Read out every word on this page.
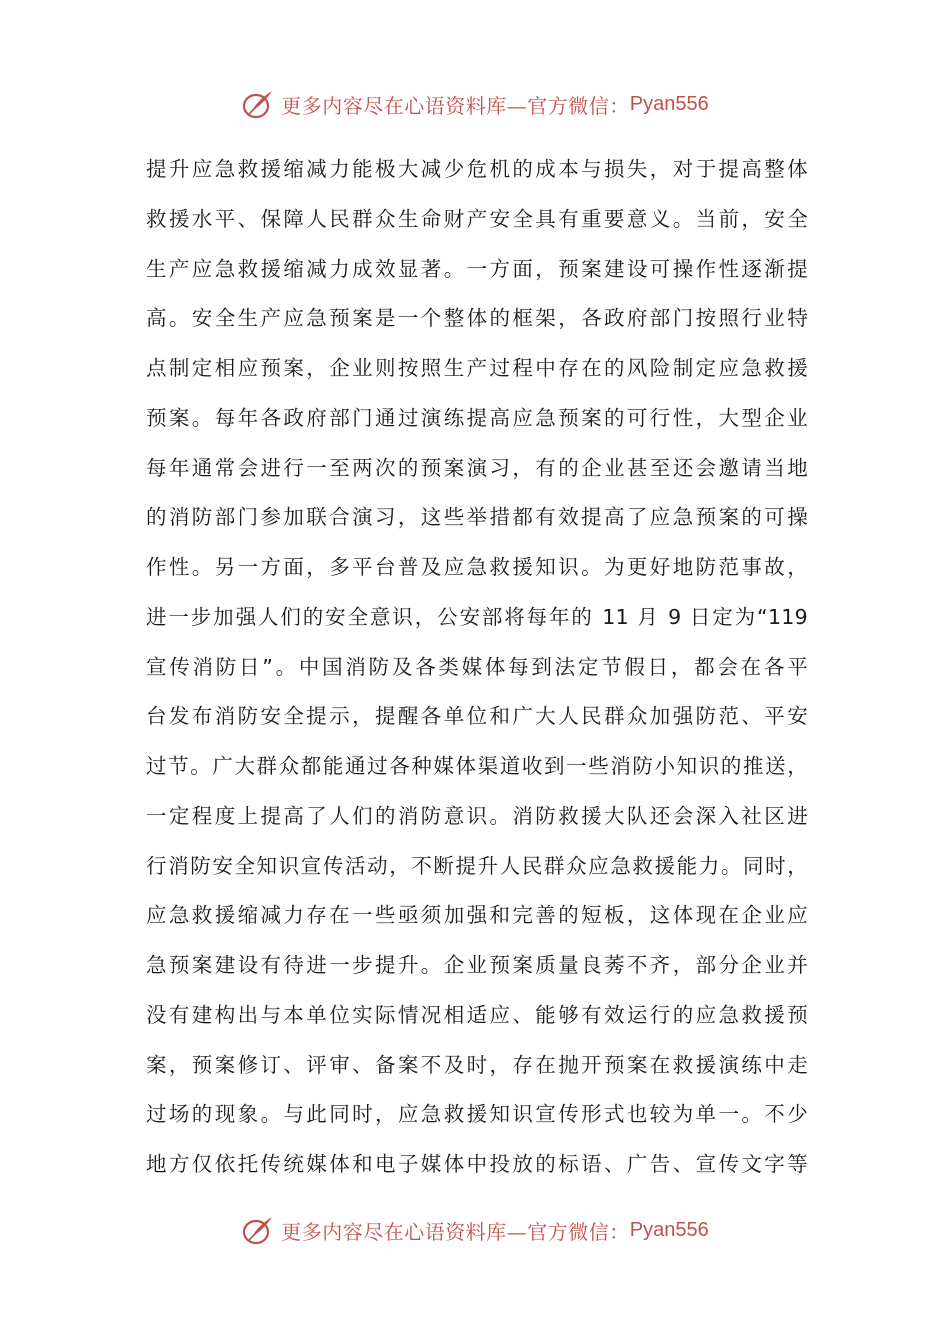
更多内容尽在心语资料库—官方微信： Pyan556
提升应急救援缩减力能极大减少危机的成本与损失，对于提高整体
救援水平、保障人民群众生命财产安全具有重要意义。当前，安全
生产应急救援缩减力成效显著。一方面，预案建设可操作性逐渐提
高。安全生产应急预案是一个整体的框架，各政府部门按照行业特
点制定相应预案，企业则按照生产过程中存在的风险制定应急救援
预案。每年各政府部门通过演练提高应急预案的可行性，大型企业
每年通常会进行一至两次的预案演习，有的企业甚至还会邀请当地
的消防部门参加联合演习，这些举措都有效提高了应急预案的可操
作性。另一方面，多平台普及应急救援知识。为更好地防范事故，
进一步加强人们的安全意识，公安部将每年的 11 月 9 日定为“119
宣传消防日”。中国消防及各类媒体每到法定节假日，都会在各平
台发布消防安全提示，提醒各单位和广大人民群众加强防范、平安
过节。广大群众都能通过各种媒体渠道收到一些消防小知识的推送，
一定程度上提高了人们的消防意识。消防救援大队还会深入社区进
行消防安全知识宣传活动，不断提升人民群众应急救援能力。同时，
应急救援缩减力存在一些亟须加强和完善的短板，这体现在企业应
急预案建设有待进一步提升。企业预案质量良莠不齐，部分企业并
没有建构出与本单位实际情况相适应、能够有效运行的应急救援预
案，预案修订、评审、备案不及时，存在抛开预案在救援演练中走
过场的现象。与此同时，应急救援知识宣传形式也较为单一。不少
地方仅依托传统媒体和电子媒体中投放的标语、广告、宣传文字等
更多内容尽在心语资料库—官方微信： Pyan556
